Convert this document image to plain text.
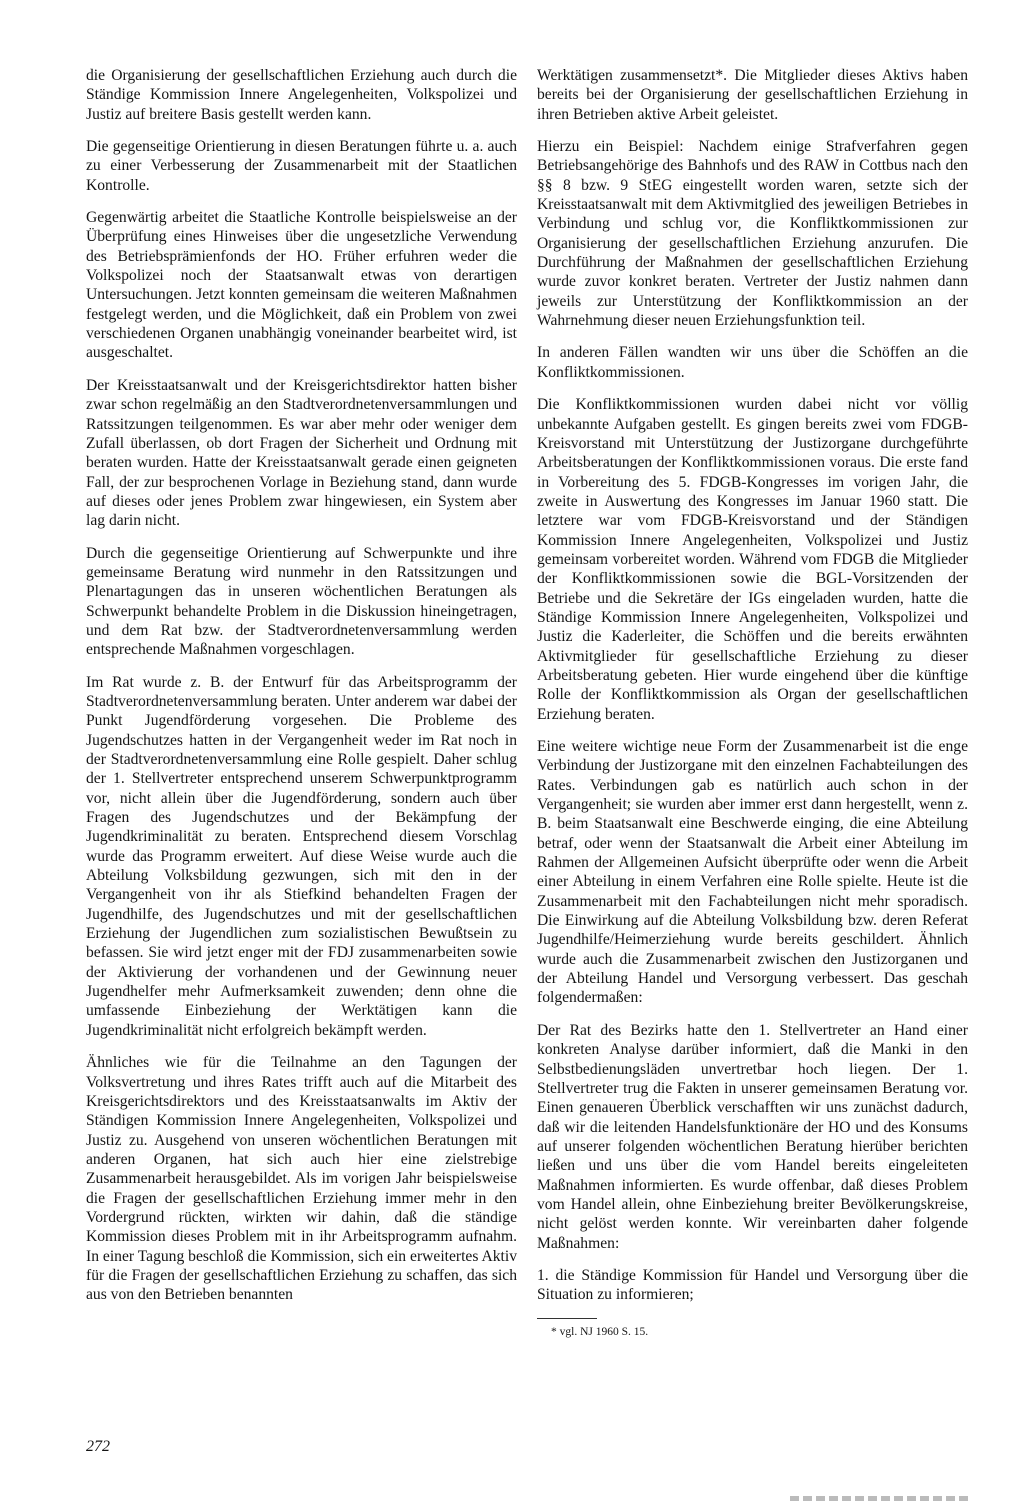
die Organisierung der gesellschaftlichen Erziehung auch durch die Ständige Kommission Innere Angelegenheiten, Volkspolizei und Justiz auf breitere Basis gestellt werden kann.

Die gegenseitige Orientierung in diesen Beratungen führte u. a. auch zu einer Verbesserung der Zusammenarbeit mit der Staatlichen Kontrolle.

Gegenwärtig arbeitet die Staatliche Kontrolle beispielsweise an der Überprüfung eines Hinweises über die ungesetzliche Verwendung des Betriebsprämienfonds der HO. Früher erfuhren weder die Volkspolizei noch der Staatsanwalt etwas von derartigen Untersuchungen. Jetzt konnten gemeinsam die weiteren Maßnahmen festgelegt werden, und die Möglichkeit, daß ein Problem von zwei verschiedenen Organen unabhängig voneinander bearbeitet wird, ist ausgeschaltet.

Der Kreisstaatsanwalt und der Kreisgerichtsdirektor hatten bisher zwar schon regelmäßig an den Stadtverordnetenversammlungen und Ratssitzungen teilgenommen. Es war aber mehr oder weniger dem Zufall überlassen, ob dort Fragen der Sicherheit und Ordnung mit beraten wurden. Hatte der Kreisstaatsanwalt gerade einen geigneten Fall, der zur besprochenen Vorlage in Beziehung stand, dann wurde auf dieses oder jenes Problem zwar hingewiesen, ein System aber lag darin nicht.

Durch die gegenseitige Orientierung auf Schwerpunkte und ihre gemeinsame Beratung wird nunmehr in den Ratssitzungen und Plenartagungen das in unseren wöchentlichen Beratungen als Schwerpunkt behandelte Problem in die Diskussion hineingetragen, und dem Rat bzw. der Stadtverordnetenversammlung werden entsprechende Maßnahmen vorgeschlagen.

Im Rat wurde z. B. der Entwurf für das Arbeitsprogramm der Stadtverordnetenversammlung beraten. Unter anderem war dabei der Punkt Jugendförderung vorgesehen. Die Probleme des Jugendschutzes hatten in der Vergangenheit weder im Rat noch in der Stadtverordnetenversammlung eine Rolle gespielt. Daher schlug der 1. Stellvertreter entsprechend unserem Schwerpunktprogramm vor, nicht allein über die Jugendförderung, sondern auch über Fragen des Jugendschutzes und der Bekämpfung der Jugendkriminalität zu beraten. Entsprechend diesem Vorschlag wurde das Programm erweitert. Auf diese Weise wurde auch die Abteilung Volksbildung gezwungen, sich mit den in der Vergangenheit von ihr als Stiefkind behandelten Fragen der Jugendhilfe, des Jugendschutzes und mit der gesellschaftlichen Erziehung der Jugendlichen zum sozialistischen Bewußtsein zu befassen. Sie wird jetzt enger mit der FDJ zusammenarbeiten sowie der Aktivierung der vorhandenen und der Gewinnung neuer Jugendhelfer mehr Aufmerksamkeit zuwenden; denn ohne die umfassende Einbeziehung der Werktätigen kann die Jugendkriminalität nicht erfolgreich bekämpft werden.

Ähnliches wie für die Teilnahme an den Tagungen der Volksvertretung und ihres Rates trifft auch auf die Mitarbeit des Kreisgerichtsdirektors und des Kreisstaatsanwalts im Aktiv der Ständigen Kommission Innere Angelegenheiten, Volkspolizei und Justiz zu. Ausgehend von unseren wöchentlichen Beratungen mit anderen Organen, hat sich auch hier eine zielstrebige Zusammenarbeit herausgebildet. Als im vorigen Jahr beispielsweise die Fragen der gesellschaftlichen Erziehung immer mehr in den Vordergrund rückten, wirkten wir dahin, daß die ständige Kommission dieses Problem mit in ihr Arbeitsprogramm aufnahm. In einer Tagung beschloß die Kommission, sich ein erweitertes Aktiv für die Fragen der gesellschaftlichen Erziehung zu schaffen, das sich aus von den Betrieben benannten

Werktätigen zusammensetzt*. Die Mitglieder dieses Aktivs haben bereits bei der Organisierung der gesellschaftlichen Erziehung in ihren Betrieben aktive Arbeit geleistet.

Hierzu ein Beispiel: Nachdem einige Strafverfahren gegen Betriebsangehörige des Bahnhofs und des RAW in Cottbus nach den §§ 8 bzw. 9 StEG eingestellt worden waren, setzte sich der Kreisstaatsanwalt mit dem Aktivmitglied des jeweiligen Betriebes in Verbindung und schlug vor, die Konfliktkommissionen zur Organisierung der gesellschaftlichen Erziehung anzurufen. Die Durchführung der Maßnahmen der gesellschaftlichen Erziehung wurde zuvor konkret beraten. Vertreter der Justiz nahmen dann jeweils zur Unterstützung der Konfliktkommission an der Wahrnehmung dieser neuen Erziehungsfunktion teil.

In anderen Fällen wandten wir uns über die Schöffen an die Konfliktkommissionen.

Die Konfliktkommissionen wurden dabei nicht vor völlig unbekannte Aufgaben gestellt. Es gingen bereits zwei vom FDGB-Kreisvorstand mit Unterstützung der Justizorgane durchgeführte Arbeitsberatungen der Konfliktkommissionen voraus. Die erste fand in Vorbereitung des 5. FDGB-Kongresses im vorigen Jahr, die zweite in Auswertung des Kongresses im Januar 1960 statt. Die letztere war vom FDGB-Kreisvorstand und der Ständigen Kommission Innere Angelegenheiten, Volkspolizei und Justiz gemeinsam vorbereitet worden. Während vom FDGB die Mitglieder der Konfliktkommissionen sowie die BGL-Vorsitzenden der Betriebe und die Sekretäre der IGs eingeladen wurden, hatte die Ständige Kommission Innere Angelegenheiten, Volkspolizei und Justiz die Kaderleiter, die Schöffen und die bereits erwähnten Aktivmitglieder für gesellschaftliche Erziehung zu dieser Arbeitsberatung gebeten. Hier wurde eingehend über die künftige Rolle der Konfliktkommission als Organ der gesellschaftlichen Erziehung beraten.

Eine weitere wichtige neue Form der Zusammenarbeit ist die enge Verbindung der Justizorgane mit den einzelnen Fachabteilungen des Rates. Verbindungen gab es natürlich auch schon in der Vergangenheit; sie wurden aber immer erst dann hergestellt, wenn z. B. beim Staatsanwalt eine Beschwerde einging, die eine Abteilung betraf, oder wenn der Staatsanwalt die Arbeit einer Abteilung im Rahmen der Allgemeinen Aufsicht überprüfte oder wenn die Arbeit einer Abteilung in einem Verfahren eine Rolle spielte. Heute ist die Zusammenarbeit mit den Fachabteilungen nicht mehr sporadisch. Die Einwirkung auf die Abteilung Volksbildung bzw. deren Referat Jugendhilfe/Heimerziehung wurde bereits geschildert. Ähnlich wurde auch die Zusammenarbeit zwischen den Justizorganen und der Abteilung Handel und Versorgung verbessert. Das geschah folgendermaßen:

Der Rat des Bezirks hatte den 1. Stellvertreter an Hand einer konkreten Analyse darüber informiert, daß die Manki in den Selbstbedienungsläden unvertretbar hoch liegen. Der 1. Stellvertreter trug die Fakten in unserer gemeinsamen Beratung vor. Einen genaueren Überblick verschafften wir uns zunächst dadurch, daß wir die leitenden Handelsfunktionäre der HO und des Konsums auf unserer folgenden wöchentlichen Beratung hierüber berichten ließen und uns über die vom Handel bereits eingeleiteten Maßnahmen informierten. Es wurde offenbar, daß dieses Problem vom Handel allein, ohne Einbeziehung breiter Bevölkerungskreise, nicht gelöst werden konnte. Wir vereinbarten daher folgende Maßnahmen:

1. die Ständige Kommission für Handel und Versorgung über die Situation zu informieren;

* vgl. NJ 1960 S. 15.
272
